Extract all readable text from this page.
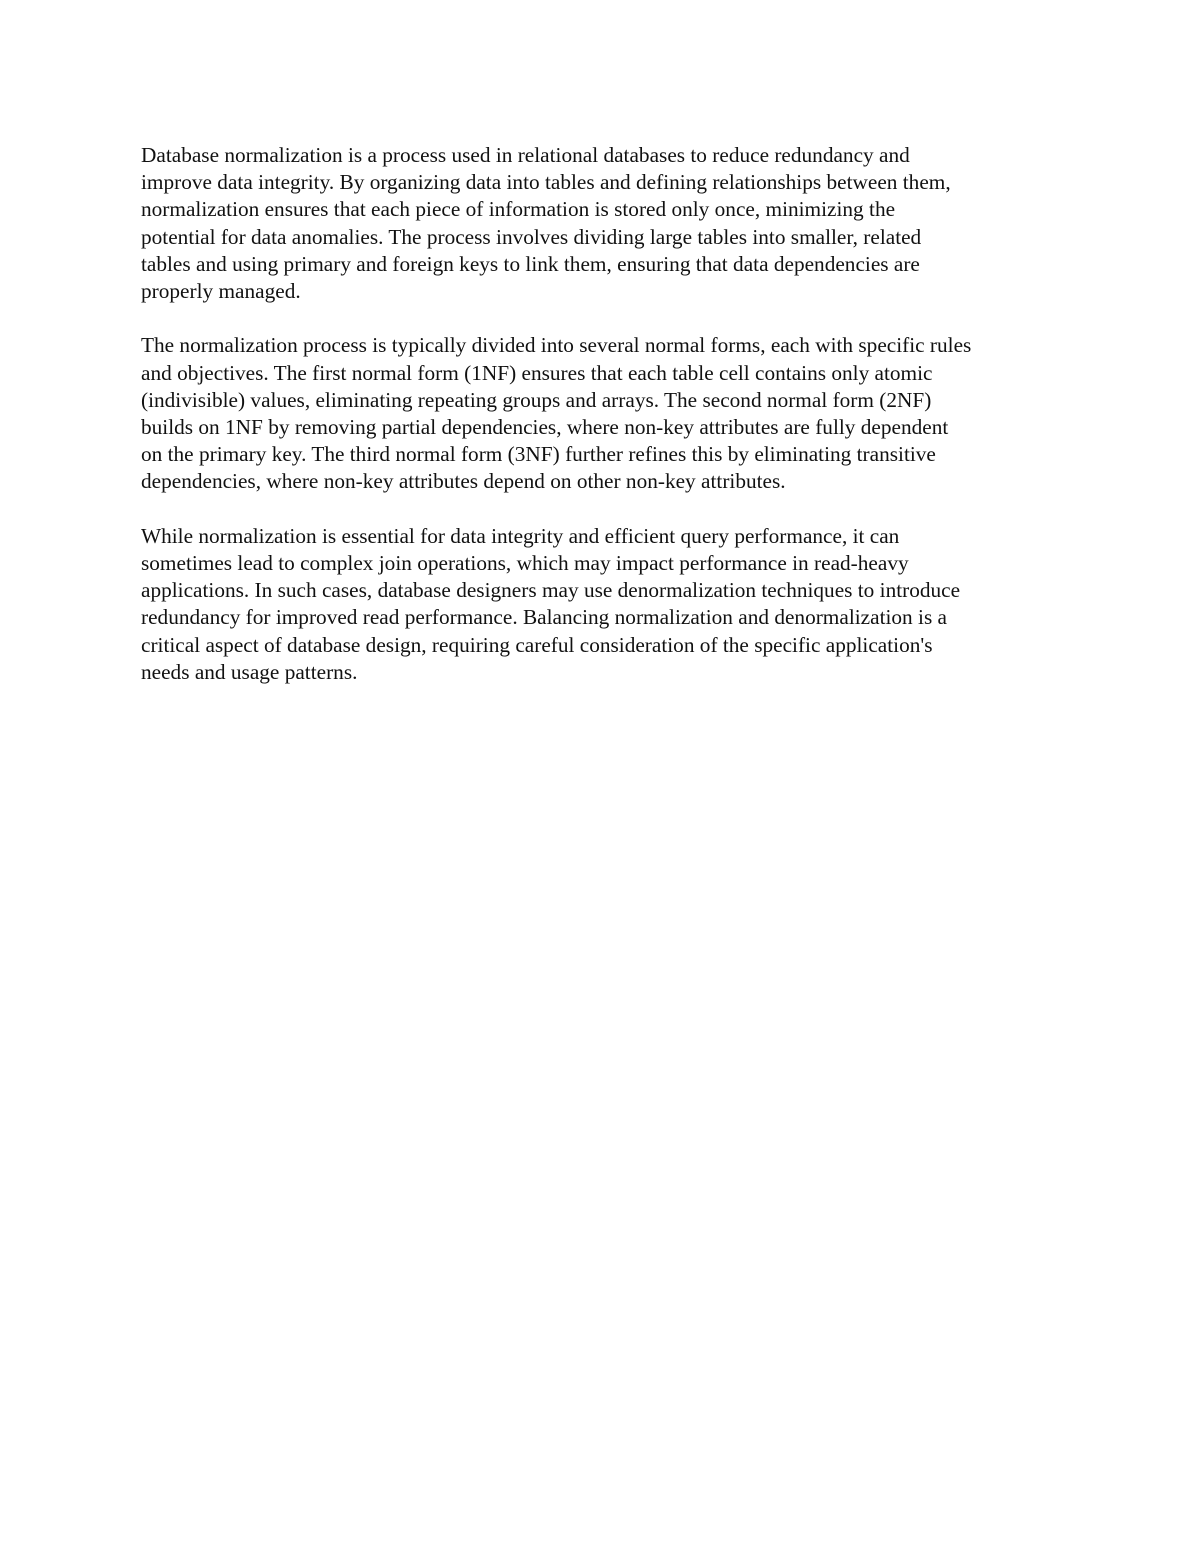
Database normalization is a process used in relational databases to reduce redundancy and
improve data integrity. By organizing data into tables and defining relationships between them,
normalization ensures that each piece of information is stored only once, minimizing the
potential for data anomalies. The process involves dividing large tables into smaller, related
tables and using primary and foreign keys to link them, ensuring that data dependencies are
properly managed.

The normalization process is typically divided into several normal forms, each with specific rules
and objectives. The first normal form (1NF) ensures that each table cell contains only atomic
(indivisible) values, eliminating repeating groups and arrays. The second normal form (2NF)
builds on 1NF by removing partial dependencies, where non-key attributes are fully dependent
on the primary key. The third normal form (3NF) further refines this by eliminating transitive
dependencies, where non-key attributes depend on other non-key attributes.

While normalization is essential for data integrity and efficient query performance, it can
sometimes lead to complex join operations, which may impact performance in read-heavy
applications. In such cases, database designers may use denormalization techniques to introduce
redundancy for improved read performance. Balancing normalization and denormalization is a
critical aspect of database design, requiring careful consideration of the specific application's
needs and usage patterns.
